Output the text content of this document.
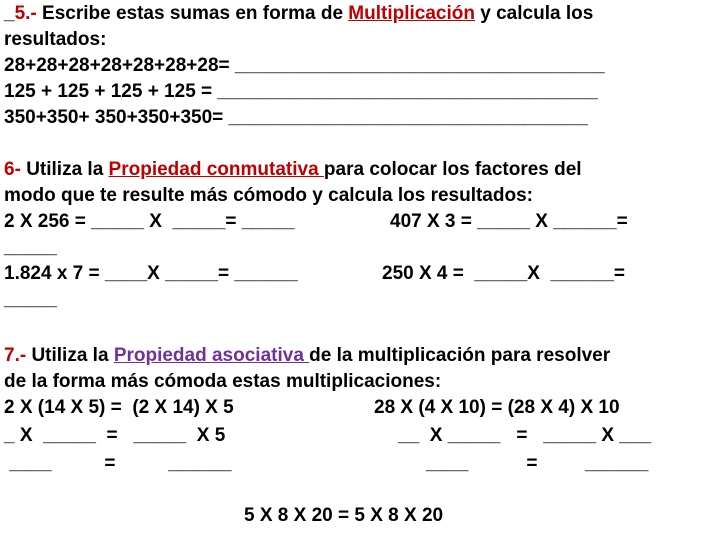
_5.- Escribe estas sumas en forma de Multiplicación y calcula los
resultados:
28+28+28+28+28+28+28= ___________________________________
125 + 125 + 125 + 125 = ____________________________________
350+350+ 350+350+350= __________________________________
6- Utiliza la Propiedad conmutativa para colocar los factores del
modo que te resulte más cómodo y calcula los resultados:
2 X 256 = _____ X  _____= _____	407 X 3 = _____ X ______=
_____
1.824 x 7 = ____X _____= ______	250 X 4 =  _____X  ______=
_____
7.- Utiliza la Propiedad asociativa de la multiplicación para resolver
de la forma más cómoda estas multiplicaciones:
2 X (14 X 5) =  (2 X 14) X 5	28 X (4 X 10) = (28 X 4) X 10
_ X  _____  =   _____  X 5	__  X _____   =   _____ X ___
____          =          ______	____           =         ______
5 X 8 X 20 = 5 X 8 X 20
